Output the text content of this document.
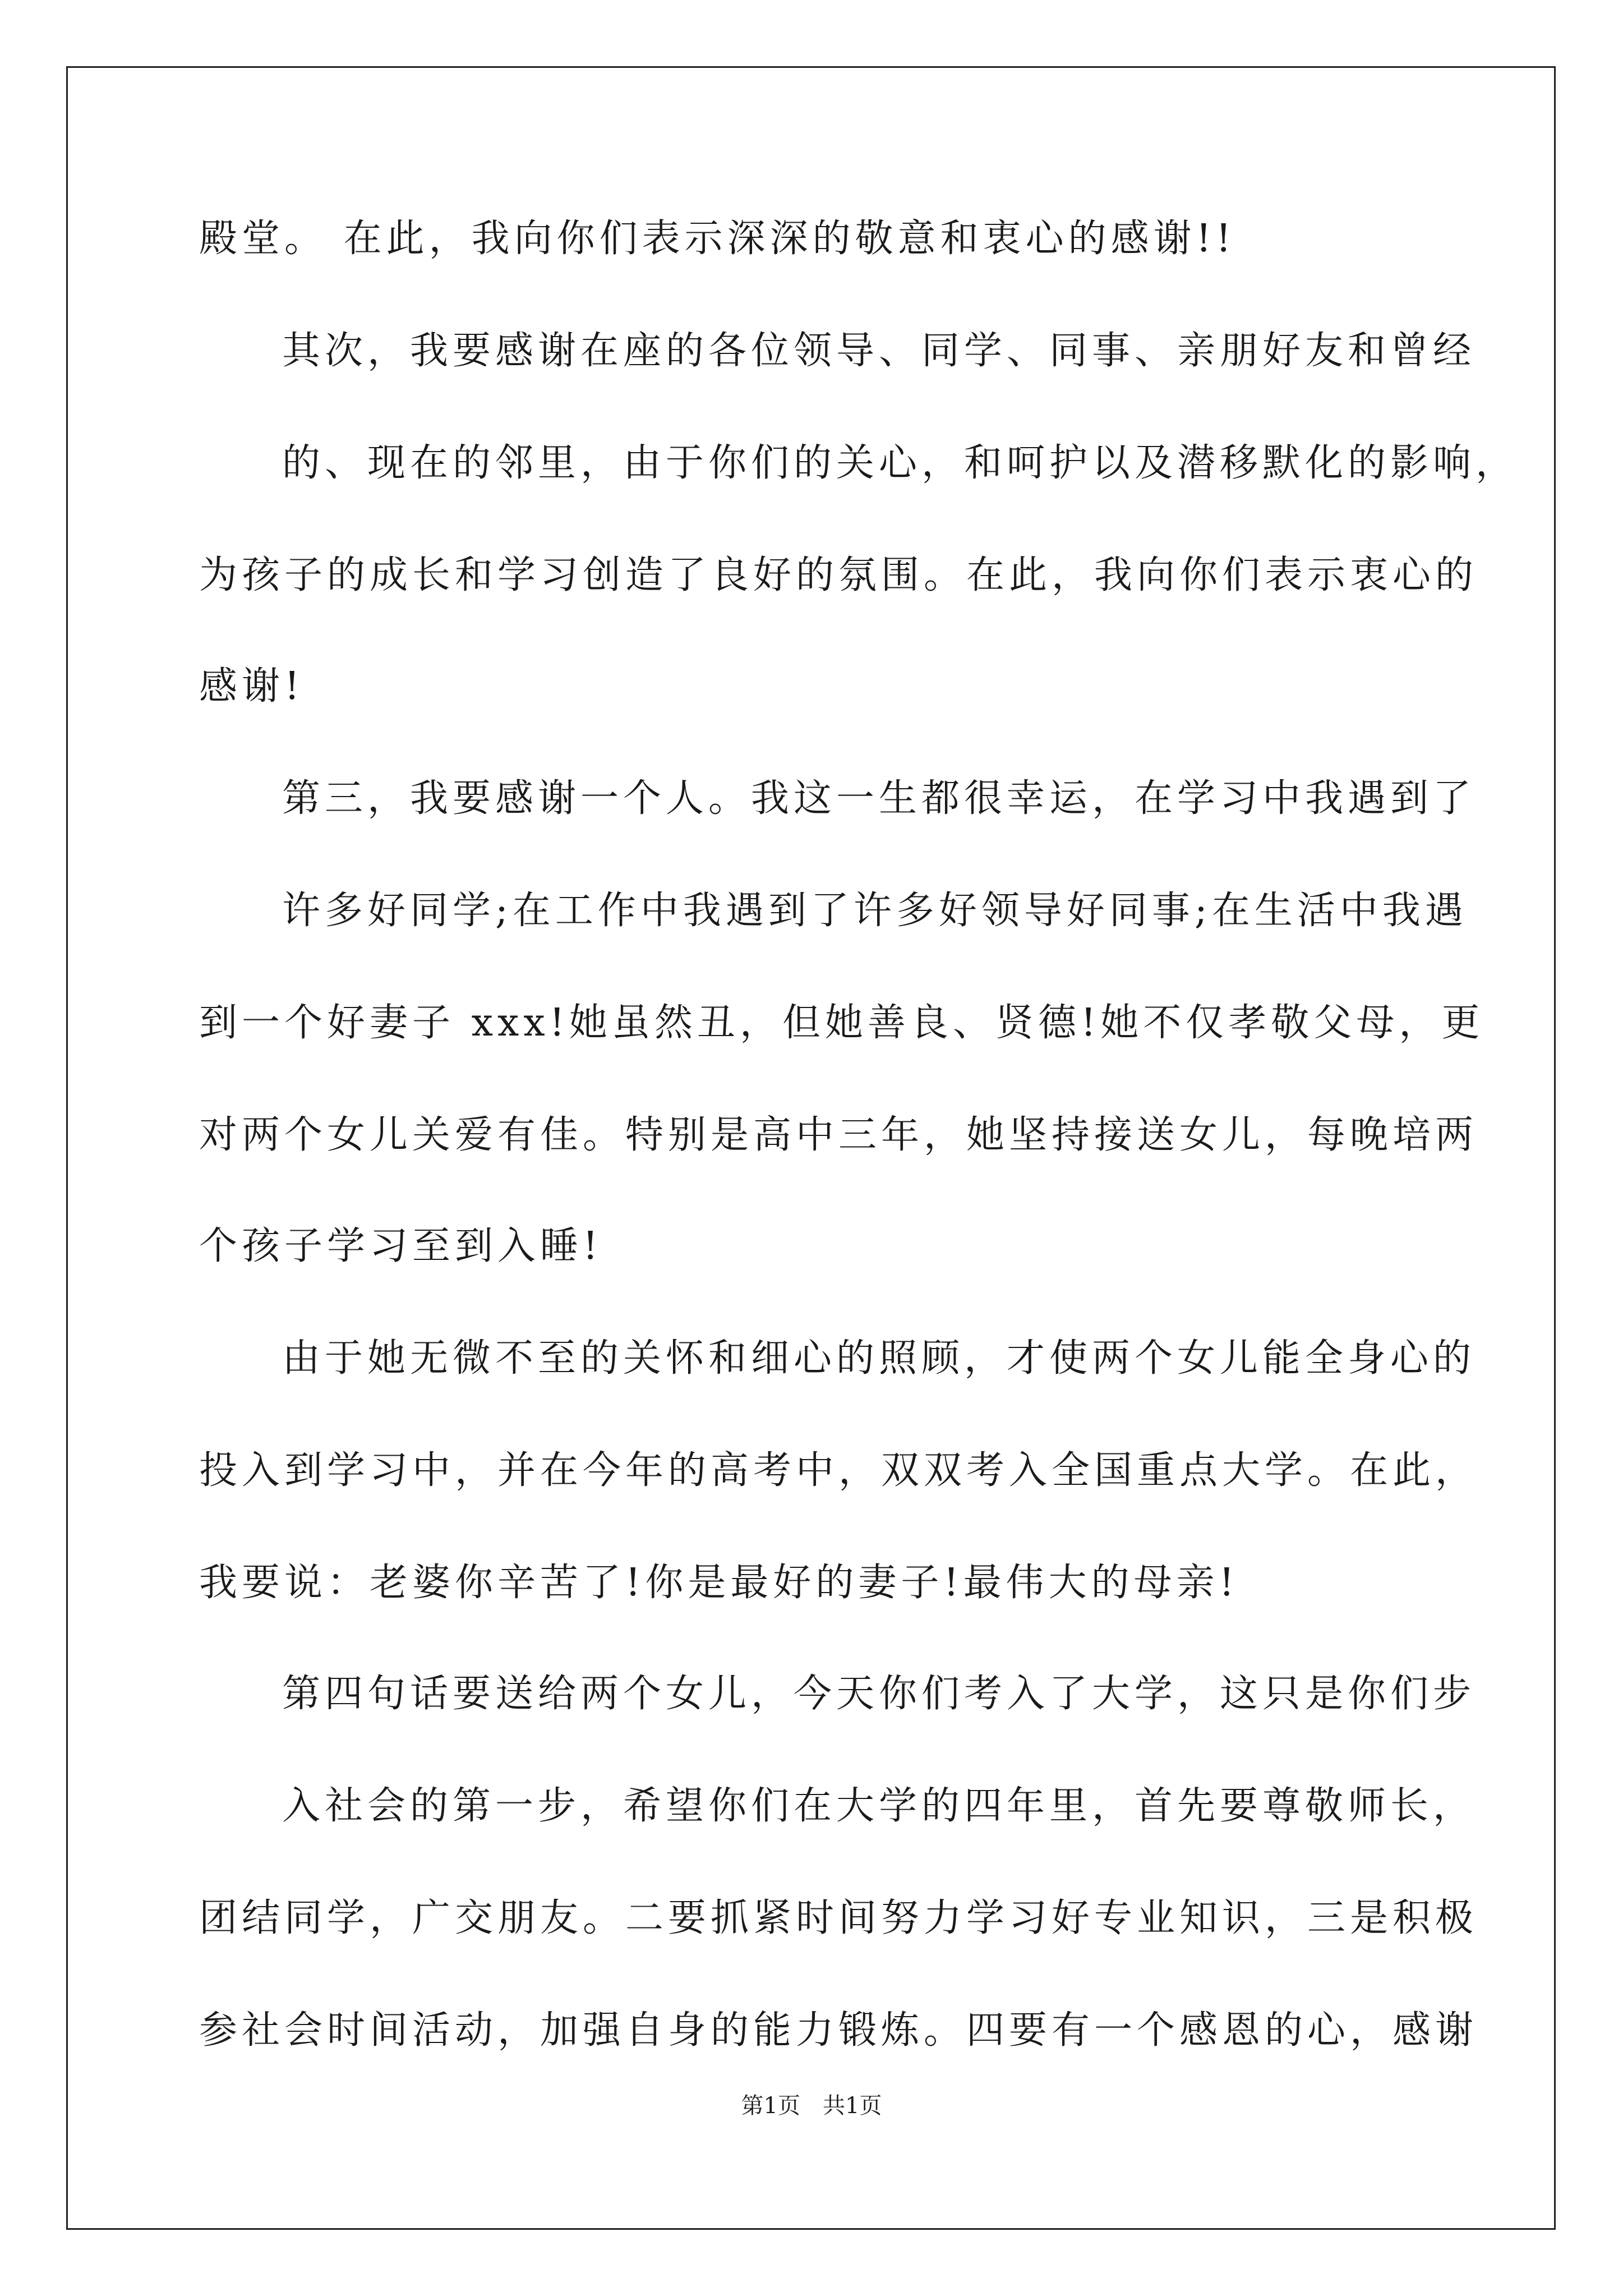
殿堂。 在此，我向你们表示深深的敬意和衷心的感谢!!
其次，我要感谢在座的各位领导、同学、同事、亲朋好友和曾经
的、现在的邻里，由于你们的关心，和呵护以及潜移默化的影响，
为孩子的成长和学习创造了良好的氛围。在此，我向你们表示衷心的
感谢!
第三，我要感谢一个人。我这一生都很幸运，在学习中我遇到了
许多好同学;在工作中我遇到了许多好领导好同事;在生活中我遇
到一个好妻子 xxx!她虽然丑，但她善良、贤德!她不仅孝敬父母，更
对两个女儿关爱有佳。特别是高中三年，她坚持接送女儿，每晚培两
个孩子学习至到入睡!
由于她无微不至的关怀和细心的照顾，才使两个女儿能全身心的
投入到学习中，并在今年的高考中，双双考入全国重点大学。在此，
我要说：老婆你辛苦了!你是最好的妻子!最伟大的母亲!
第四句话要送给两个女儿，今天你们考入了大学，这只是你们步
入社会的第一步，希望你们在大学的四年里，首先要尊敬师长，
团结同学，广交朋友。二要抓紧时间努力学习好专业知识，三是积极
参社会时间活动，加强自身的能力锻炼。四要有一个感恩的心，感谢
第1页　共1页
